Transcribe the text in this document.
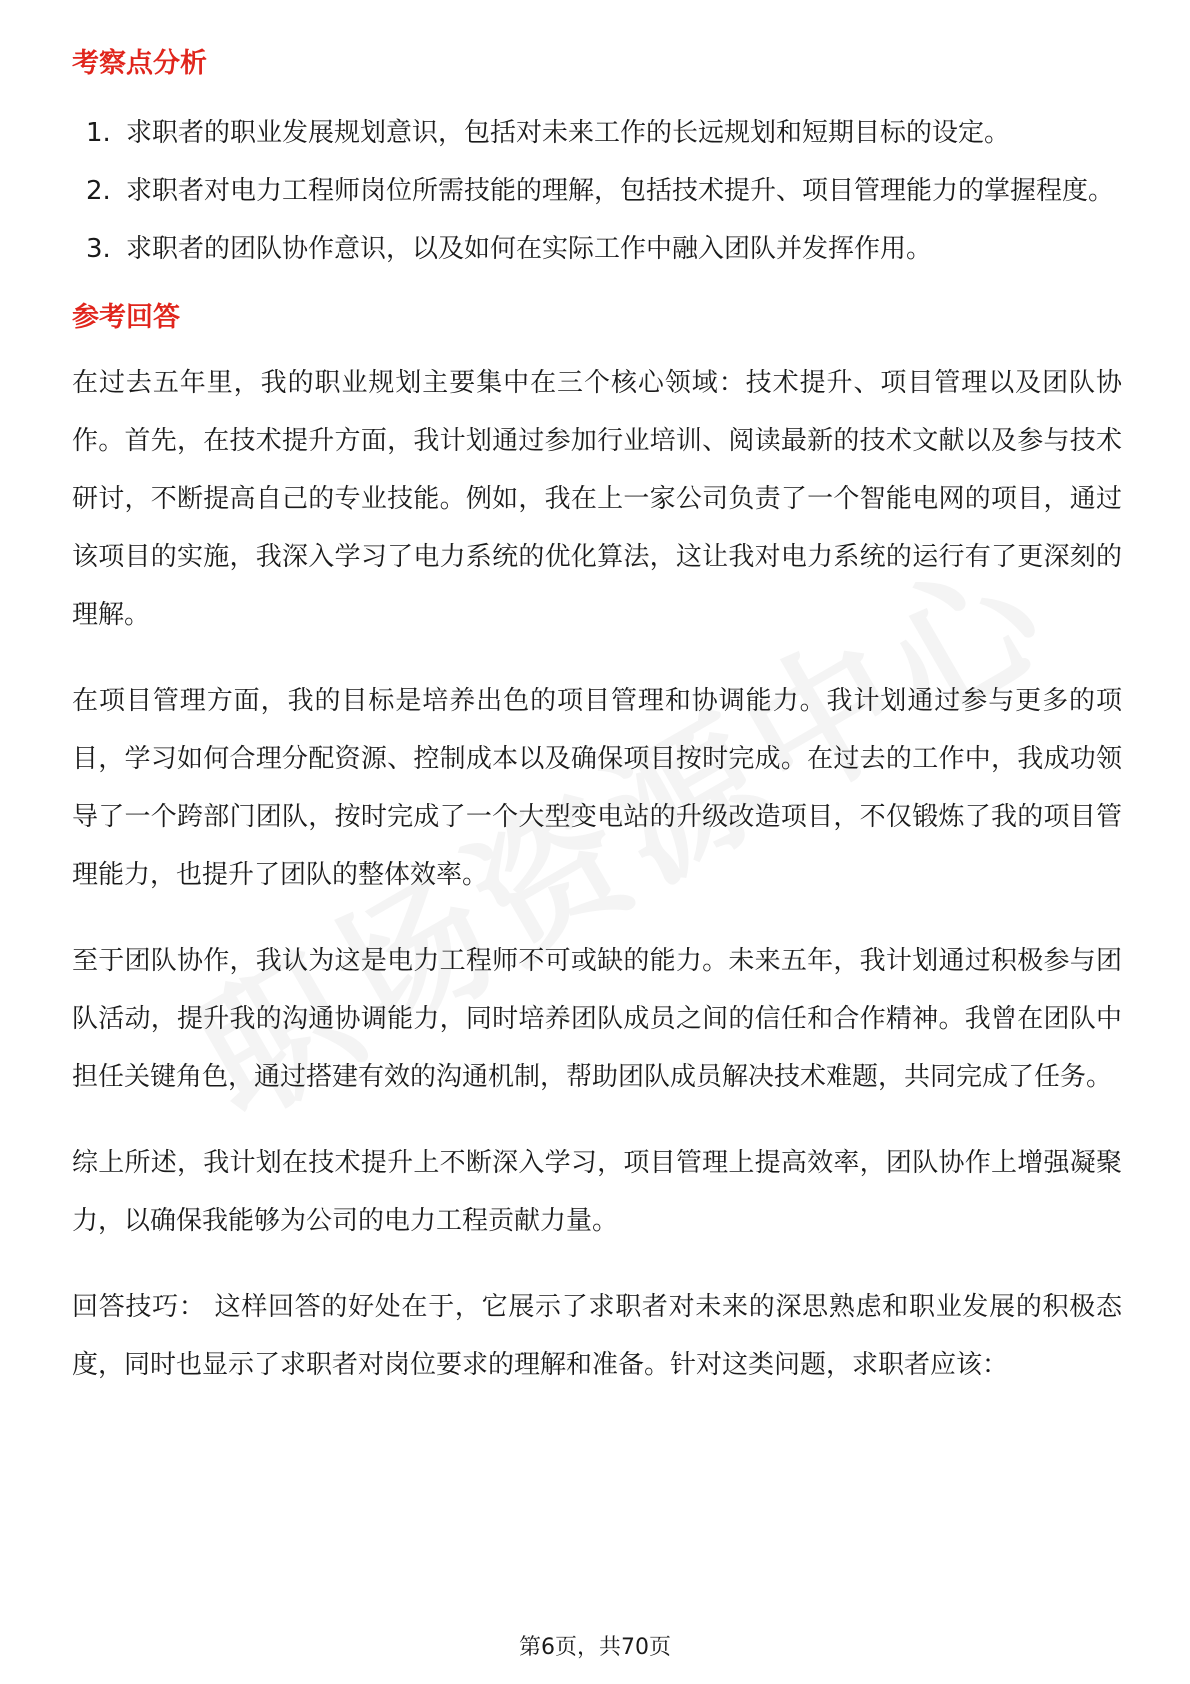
考察点分析
1. 求职者的职业发展规划意识，包括对未来工作的长远规划和短期目标的设定。
2. 求职者对电力工程师岗位所需技能的理解，包括技术提升、项目管理能力的掌握程度。
3. 求职者的团队协作意识，以及如何在实际工作中融入团队并发挥作用。
参考回答

在过去五年里，我的职业规划主要集中在三个核心领域：技术提升、项目管理以及团队协作。首先，在技术提升方面，我计划通过参加行业培训、阅读最新的技术文献以及参与技术研讨，不断提高自己的专业技能。例如，我在上一家公司负责了一个智能电网的项目，通过该项目的实施，我深入学习了电力系统的优化算法，这让我对电力系统的运行有了更深刻的理解。

在项目管理方面，我的目标是培养出色的项目管理和协调能力。我计划通过参与更多的项目，学习如何合理分配资源、控制成本以及确保项目按时完成。在过去的工作中，我成功领导了一个跨部门团队，按时完成了一个大型变电站的升级改造项目，不仅锻炼了我的项目管理能力，也提升了团队的整体效率。

至于团队协作，我认为这是电力工程师不可或缺的能力。未来五年，我计划通过积极参与团队活动，提升我的沟通协调能力，同时培养团队成员之间的信任和合作精神。我曾在团队中担任关键角色，通过搭建有效的沟通机制，帮助团队成员解决技术难题，共同完成了任务。

综上所述，我计划在技术提升上不断深入学习，项目管理上提高效率，团队协作上增强凝聚力，以确保我能够为公司的电力工程贡献力量。

回答技巧： 这样回答的好处在于，它展示了求职者对未来的深思熟虑和职业发展的积极态度，同时也显示了求职者对岗位要求的理解和准备。针对这类问题，求职者应该：

第6页，共70页
